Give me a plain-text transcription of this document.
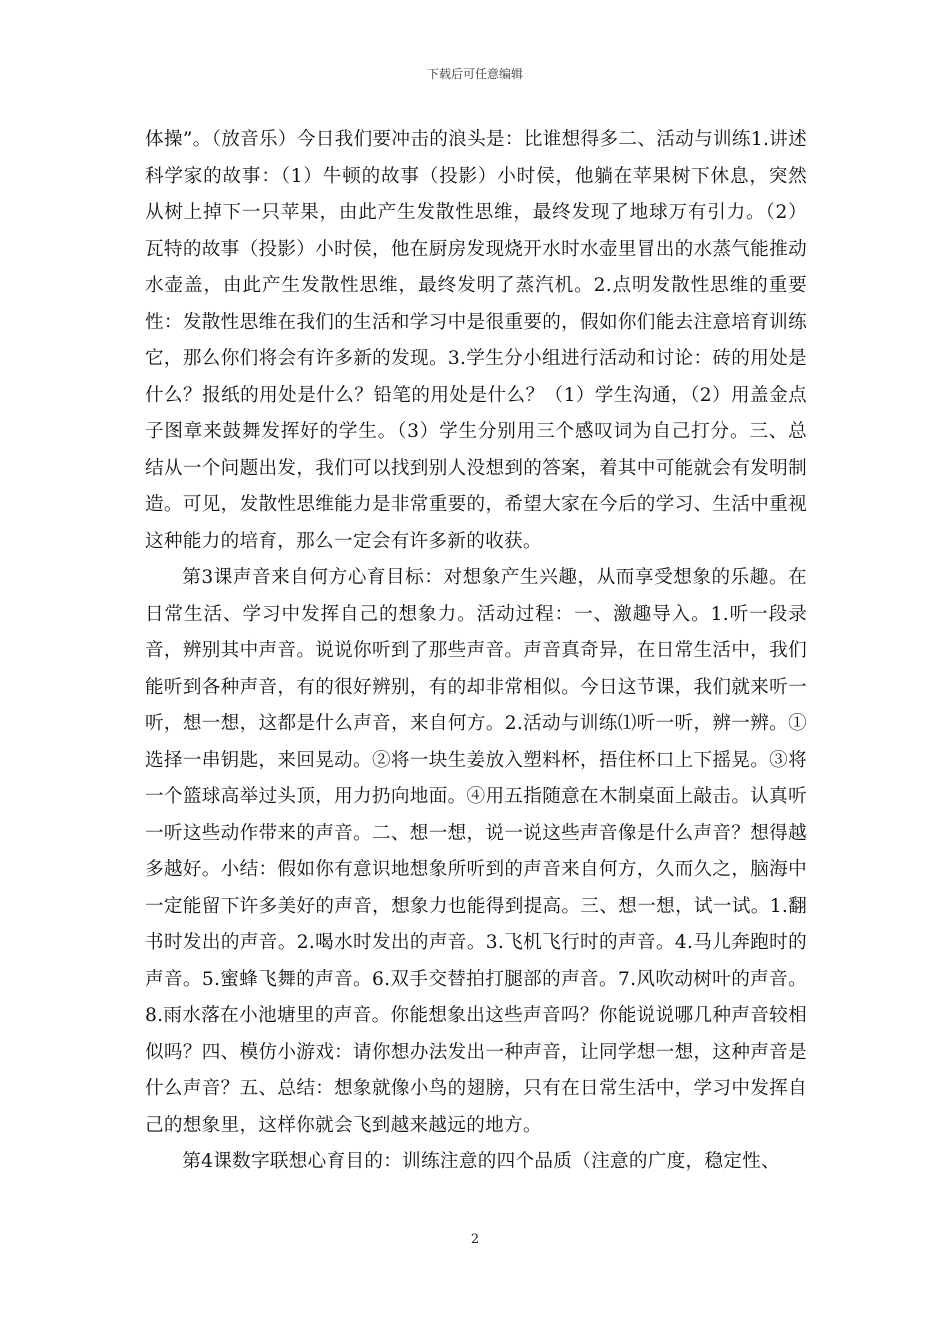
下载后可任意编辑

体操”。（放音乐）今日我们要冲击的浪头是：比谁想得多二、活动与训练1.讲述科学家的故事：（1）牛顿的故事（投影）小时侯，他躺在苹果树下休息，突然从树上掉下一只苹果，由此产生发散性思维，最终发现了地球万有引力。（2）瓦特的故事（投影）小时侯，他在厨房发现烧开水时水壶里冒出的水蒸气能推动水壶盖，由此产生发散性思维，最终发明了蒸汽机。2.点明发散性思维的重要性：发散性思维在我们的生活和学习中是很重要的，假如你们能去注意培育训练它，那么你们将会有许多新的发现。3.学生分小组进行活动和讨论：砖的用处是什么？报纸的用处是什么？铅笔的用处是什么？（1）学生沟通，（2）用盖金点子图章来鼓舞发挥好的学生。（3）学生分别用三个感叹词为自己打分。三、总结从一个问题出发，我们可以找到别人没想到的答案，着其中可能就会有发明制造。可见，发散性思维能力是非常重要的，希望大家在今后的学习、生活中重视这种能力的培育，那么一定会有许多新的收获。

第3课声音来自何方心育目标：对想象产生兴趣，从而享受想象的乐趣。在日常生活、学习中发挥自己的想象力。活动过程：一、激趣导入。1.听一段录音，辨别其中声音。说说你听到了那些声音。声音真奇异，在日常生活中，我们能听到各种声音，有的很好辨别，有的却非常相似。今日这节课，我们就来听一听，想一想，这都是什么声音，来自何方。2.活动与训练⑴听一听，辨一辨。①选择一串钥匙，来回晃动。②将一块生姜放入塑料杯，捂住杯口上下摇晃。③将一个篮球高举过头顶，用力扔向地面。④用五指随意在木制桌面上敲击。认真听一听这些动作带来的声音。二、想一想，说一说这些声音像是什么声音？想得越多越好。小结：假如你有意识地想象所听到的声音来自何方，久而久之，脑海中一定能留下许多美好的声音，想象力也能得到提高。三、想一想，试一试。1.翻书时发出的声音。2.喝水时发出的声音。3.飞机飞行时的声音。4.马儿奔跑时的声音。5.蜜蜂飞舞的声音。6.双手交替拍打腿部的声音。7.风吹动树叶的声音。8.雨水落在小池塘里的声音。你能想象出这些声音吗？你能说说哪几种声音较相似吗？四、模仿小游戏：请你想办法发出一种声音，让同学想一想，这种声音是什么声音？五、总结：想象就像小鸟的翅膀，只有在日常生活中，学习中发挥自己的想象里，这样你就会飞到越来越远的地方。

第4课数字联想心育目的：训练注意的四个品质（注意的广度，稳定性、

2
